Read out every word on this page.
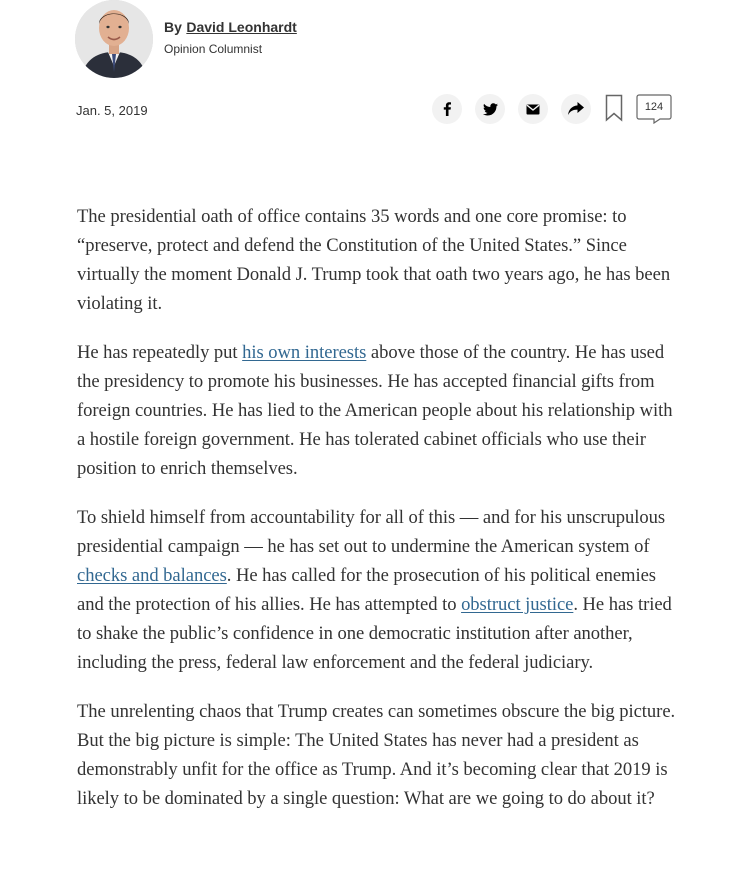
By David Leonhardt
Opinion Columnist
Jan. 5, 2019	124

The presidential oath of office contains 35 words and one core promise: to “preserve, protect and defend the Constitution of the United States.” Since virtually the moment Donald J. Trump took that oath two years ago, he has been violating it.

He has repeatedly put his own interests above those of the country. He has used the presidency to promote his businesses. He has accepted financial gifts from foreign countries. He has lied to the American people about his relationship with a hostile foreign government. He has tolerated cabinet officials who use their position to enrich themselves.

To shield himself from accountability for all of this — and for his unscrupulous presidential campaign — he has set out to undermine the American system of checks and balances. He has called for the prosecution of his political enemies and the protection of his allies. He has attempted to obstruct justice. He has tried to shake the public’s confidence in one democratic institution after another, including the press, federal law enforcement and the federal judiciary.

The unrelenting chaos that Trump creates can sometimes obscure the big picture. But the big picture is simple: The United States has never had a president as demonstrably unfit for the office as Trump. And it’s becoming clear that 2019 is likely to be dominated by a single question: What are we going to do about it?
